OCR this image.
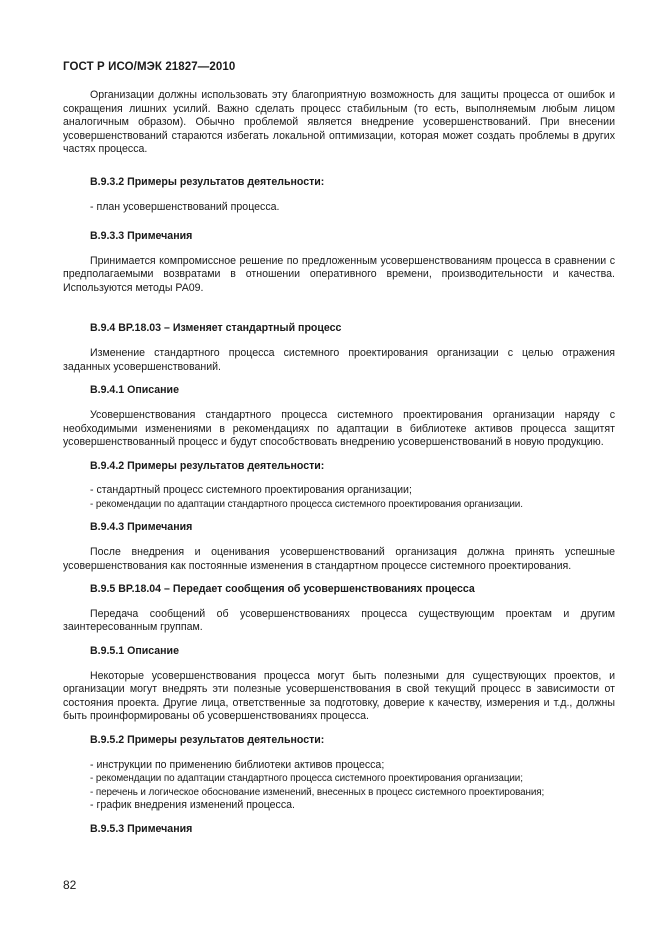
ГОСТ Р ИСО/МЭК 21827—2010

Организации должны использовать эту благоприятную возможность для защиты процесса от ошибок и сокращения лишних усилий. Важно сделать процесс стабильным (то есть, выполняемым любым лицом аналогичным образом). Обычно проблемой является внедрение усовершенствований. При внесении усовершенствований стараются избегать локальной оптимизации, которая может создать проблемы в других частях процесса.

B.9.3.2 Примеры результатов деятельности:

- план усовершенствований процесса.

B.9.3.3 Примечания

Принимается компромиссное решение по предложенным усовершенствованиям процесса в сравнении с предполагаемыми возвратами в отношении оперативного времени, производительности и качества. Используются методы PA09.

B.9.4 BP.18.03 – Изменяет стандартный процесс

Изменение стандартного процесса системного проектирования организации с целью отражения заданных усовершенствований.

B.9.4.1 Описание

Усовершенствования стандартного процесса системного проектирования организации наряду с необходимыми изменениями в рекомендациях по адаптации в библиотеке активов процесса защитят усовершенствованный процесс и будут способствовать внедрению усовершенствований в новую продукцию.

B.9.4.2 Примеры результатов деятельности:

- стандартный процесс системного проектирования организации;

- рекомендации по адаптации стандартного процесса системного проектирования организации.

B.9.4.3 Примечания

После внедрения и оценивания усовершенствований организация должна принять успешные усовершенствования как постоянные изменения в стандартном процессе системного проектирования.

B.9.5 BP.18.04 – Передает сообщения об усовершенствованиях процесса

Передача сообщений об усовершенствованиях процесса существующим проектам и другим заинтересованным группам.

B.9.5.1 Описание

Некоторые усовершенствования процесса могут быть полезными для существующих проектов, и организации могут внедрять эти полезные усовершенствования в свой текущий процесс в зависимости от состояния проекта. Другие лица, ответственные за подготовку, доверие к качеству, измерения и т.д., должны быть проинформированы об усовершенствованиях процесса.

B.9.5.2 Примеры результатов деятельности:

- инструкции по применению библиотеки активов процесса;

- рекомендации по адаптации стандартного процесса системного проектирования организации;

- перечень и логическое обоснование изменений, внесенных в процесс системного проектирования;

- график внедрения изменений процесса.

B.9.5.3 Примечания

82
